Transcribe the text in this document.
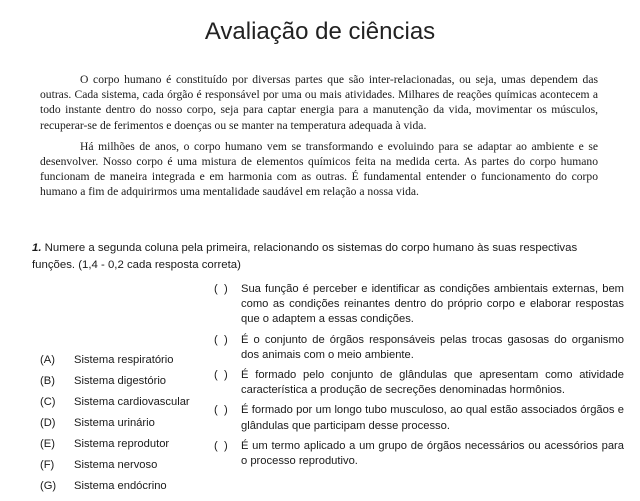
Avaliação de ciências

O corpo humano é constituído por diversas partes que são inter-relacionadas, ou seja, umas dependem das outras. Cada sistema, cada órgão é responsável por uma ou mais atividades. Milhares de reações químicas acontecem a todo instante dentro do nosso corpo, seja para captar energia para a manutenção da vida, movimentar os músculos, recuperar-se de ferimentos e doenças ou se manter na temperatura adequada à vida.

Há milhões de anos, o corpo humano vem se transformando e evoluindo para se adaptar ao ambiente e se desenvolver. Nosso corpo é uma mistura de elementos químicos feita na medida certa. As partes do corpo humano funcionam de maneira integrada e em harmonia com as outras. É fundamental entender o funcionamento do corpo humano a fim de adquirirmos uma mentalidade saudável em relação a nossa vida.

1. Numere a segunda coluna pela primeira, relacionando os sistemas do corpo humano às suas respectivas funções. (1,4 - 0,2 cada resposta correta)
(A)	Sistema respiratório
(B)	Sistema digestório
(C)	Sistema cardiovascular
(D)	Sistema urinário
(E)	Sistema reprodutor
(F)	Sistema nervoso
(G)	Sistema endócrino
(  )	Sua função é perceber e identificar as condições ambientais externas, bem como as condições reinantes dentro do próprio corpo e elaborar respostas que o adaptem a essas condições.
(  )	É o conjunto de órgãos responsáveis pelas trocas gasosas do organismo dos animais com o meio ambiente.
(  )	É formado pelo conjunto de glândulas que apresentam como atividade característica a produção de secreções denominadas hormônios.
(  )	É formado por um longo tubo musculoso, ao qual estão associados órgãos e glândulas que participam desse processo.
(  )	É um termo aplicado a um grupo de órgãos necessários ou acessórios para o processo reprodutivo.
